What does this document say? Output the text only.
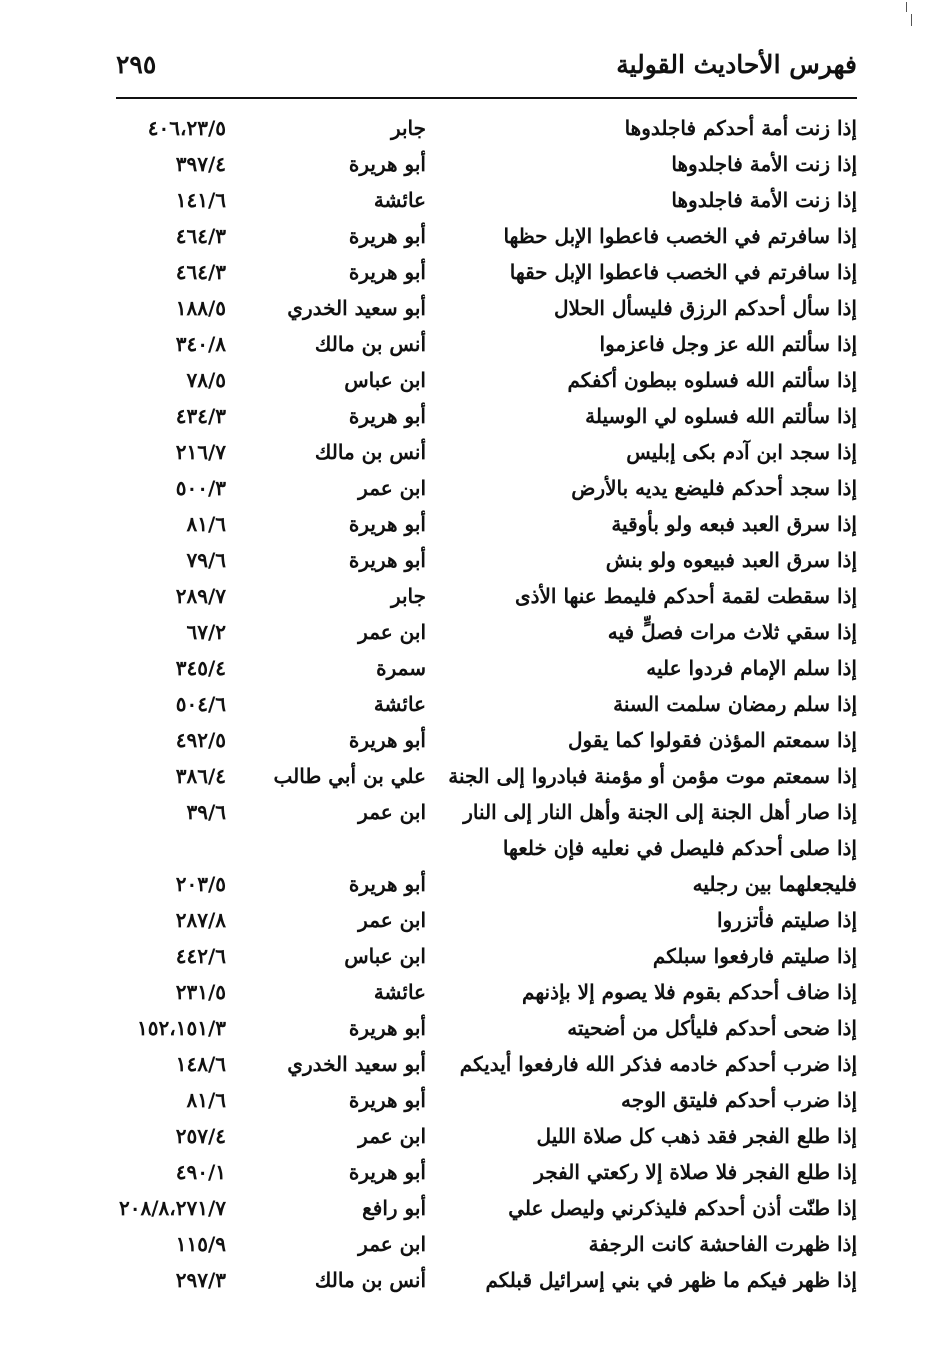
فهرس الأحاديث القولية
٢٩٥
إذا زنت أمة أحدكم فاجلدوها
جابر
٤٠٦،٢٣/٥
إذا زنت الأمة فاجلدوها
أبو هريرة
٣٩٧/٤
إذا زنت الأمة فاجلدوها
عائشة
١٤١/٦
إذا سافرتم في الخصب فاعطوا الإبل حظها
أبو هريرة
٤٦٤/٣
إذا سافرتم في الخصب فاعطوا الإبل حقها
أبو هريرة
٤٦٤/٣
إذا سأل أحدكم الرزق فليسأل الحلال
أبو سعيد الخدري
١٨٨/٥
إذا سألتم الله عز وجل فاعزموا
أنس بن مالك
٣٤٠/٨
إذا سألتم الله فسلوه ببطون أكفكم
ابن عباس
٧٨/٥
إذا سألتم الله فسلوه لي الوسيلة
أبو هريرة
٤٣٤/٣
إذا سجد ابن آدم بكى إبليس
أنس بن مالك
٢١٦/٧
إذا سجد أحدكم فليضع يديه بالأرض
ابن عمر
٥٠٠/٣
إذا سرق العبد فبعه ولو بأوقية
أبو هريرة
٨١/٦
إذا سرق العبد فبيعوه ولو بنش
أبو هريرة
٧٩/٦
إذا سقطت لقمة أحدكم فليمط عنها الأذى
جابر
٢٨٩/٧
إذا سقي ثلاث مرات فصلٍّ فيه
ابن عمر
٦٧/٢
إذا سلم الإمام فردوا عليه
سمرة
٣٤٥/٤
إذا سلم رمضان سلمت السنة
عائشة
٥٠٤/٦
إذا سمعتم المؤذن فقولوا كما يقول
أبو هريرة
٤٩٢/٥
إذا سمعتم موت مؤمن أو مؤمنة فبادروا إلى الجنة
علي بن أبي طالب
٣٨٦/٤
إذا صار أهل الجنة إلى الجنة وأهل النار إلى النار
ابن عمر
٣٩/٦
إذا صلى أحدكم فليصل في نعليه فإن خلعها
فليجعلهما بين رجليه
أبو هريرة
٢٠٣/٥
إذا صليتم فأتزروا
ابن عمر
٢٨٧/٨
إذا صليتم فارفعوا سبلكم
ابن عباس
٤٤٢/٦
إذا ضاف أحدكم بقوم فلا يصوم إلا بإذنهم
عائشة
٢٣١/٥
إذا ضحى أحدكم فليأكل من أضحيته
أبو هريرة
١٥٢،١٥١/٣
إذا ضرب أحدكم خادمه فذكر الله فارفعوا أيديكم
أبو سعيد الخدري
١٤٨/٦
إذا ضرب أحدكم فليتق الوجه
أبو هريرة
٨١/٦
إذا طلع الفجر فقد ذهب كل صلاة الليل
ابن عمر
٢٥٧/٤
إذا طلع الفجر فلا صلاة إلا ركعتي الفجر
أبو هريرة
٤٩٠/١
إذا طنّت أذن أحدكم فليذكرني وليصل علي
أبو رافع
٢٠٨/٨،٢٧١/٧
إذا ظهرت الفاحشة كانت الرجفة
ابن عمر
١١٥/٩
إذا ظهر فيكم ما ظهر في بني إسرائيل قبلكم
أنس بن مالك
٢٩٧/٣
